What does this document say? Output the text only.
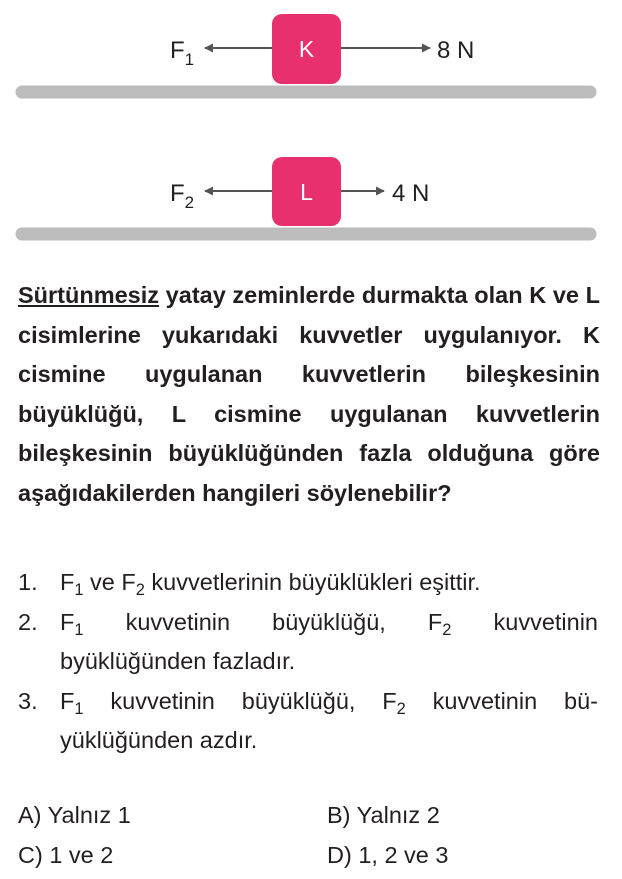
K
$F_1$	8 N
L
$F_2$	4 N

Sürtünmesiz yatay zeminlerde durmakta olan K ve L cisimlerine yukarıdaki kuvvetler uygulanıyor. K cismine uygulanan kuvvetlerin bileşkesinin büyüklüğü, L cismine uygulanan kuvvetlerin bileşkesinin büyüklüğünden fazla olduğuna göre aşağıdakilerden hangileri söylenebilir?

1. $F_1$ ve $F_2$ kuvvetlerinin büyüklükleri eşittir.
2. $F_1$ kuvvetinin büyüklüğü, $F_2$ kuvvetinin byüklüğünden fazladır.
3. $F_1$ kuvvetinin büyüklüğü, $F_2$ kuvvetinin büyüklüğünden azdır.
A) Yalnız 1	B) Yalnız 2
C) 1 ve 2	D) 1, 2 ve 3
